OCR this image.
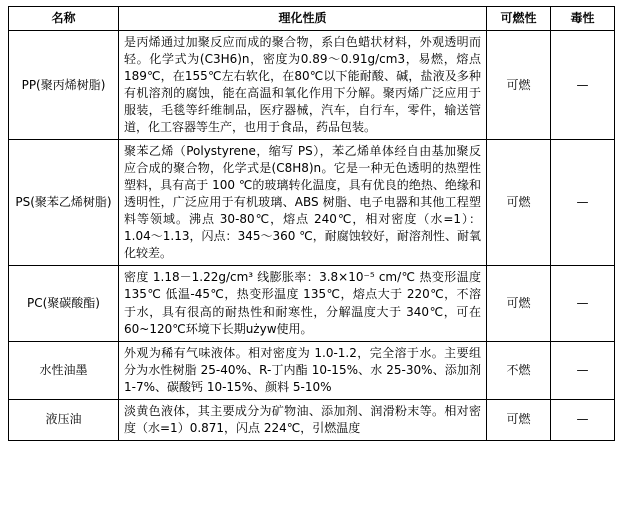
名称	理化性质	可燃性	毒性
PP(聚丙烯树脂)	是丙烯通过加聚反应而成的聚合物，系白色蜡状材料，外观透明而轻。化学式为(C3H6)n，密度为0.89～0.91g/cm3，易燃，熔点189℃，在155℃左右软化，在80℃以下能耐酸、碱，盐液及多种有机溶剂的腐蚀，能在高温和氧化作用下分解。聚丙烯广泛应用于服装，毛毯等纤维制品，医疗器械，汽车，自行车，零件，输送管道，化工容器等生产，也用于食品，药品包装。	可燃	—
PS(聚苯乙烯树脂)	聚苯乙烯（Polystyrene，缩写 PS），苯乙烯单体经自由基加聚反应合成的聚合物，化学式是(C8H8)n。它是一种无色透明的热塑性塑料，具有高于 100 ℃的玻璃转化温度，具有优良的绝热、绝缘和透明性，广泛应用于有机玻璃、ABS 树脂、电子电器和其他工程塑料等领域。沸点 30-80℃，熔点 240℃，相对密度（水=1）：1.04～1.13，闪点：345～360 ℃，耐腐蚀较好，耐溶剂性、耐氧化较差。	可燃	—
PC(聚碳酸酯)	密度 1.18－1.22g/cm³ 线膨胀率：3.8×10⁻⁵ cm/℃ 热变形温度 135℃ 低温-45℃，热变形温度 135℃，熔点大于 220℃，不溶于水，具有很高的耐热性和耐寒性，分解温度大于 340℃，可在 60~120℃环境下长期używ使用。	可燃	—
水性油墨	外观为稀有气味液体。相对密度为 1.0-1.2，完全溶于水。主要组分为水性树脂 25-40%、R-丁内酯 10-15%、水 25-30%、添加剂 1-7%、碳酸钙 10-15%、颜料 5-10%	不燃	—
液压油	淡黄色液体，其主要成分为矿物油、添加剂、润滑粉末等。相对密度（水=1）0.871，闪点 224℃，引燃温度	可燃	—
